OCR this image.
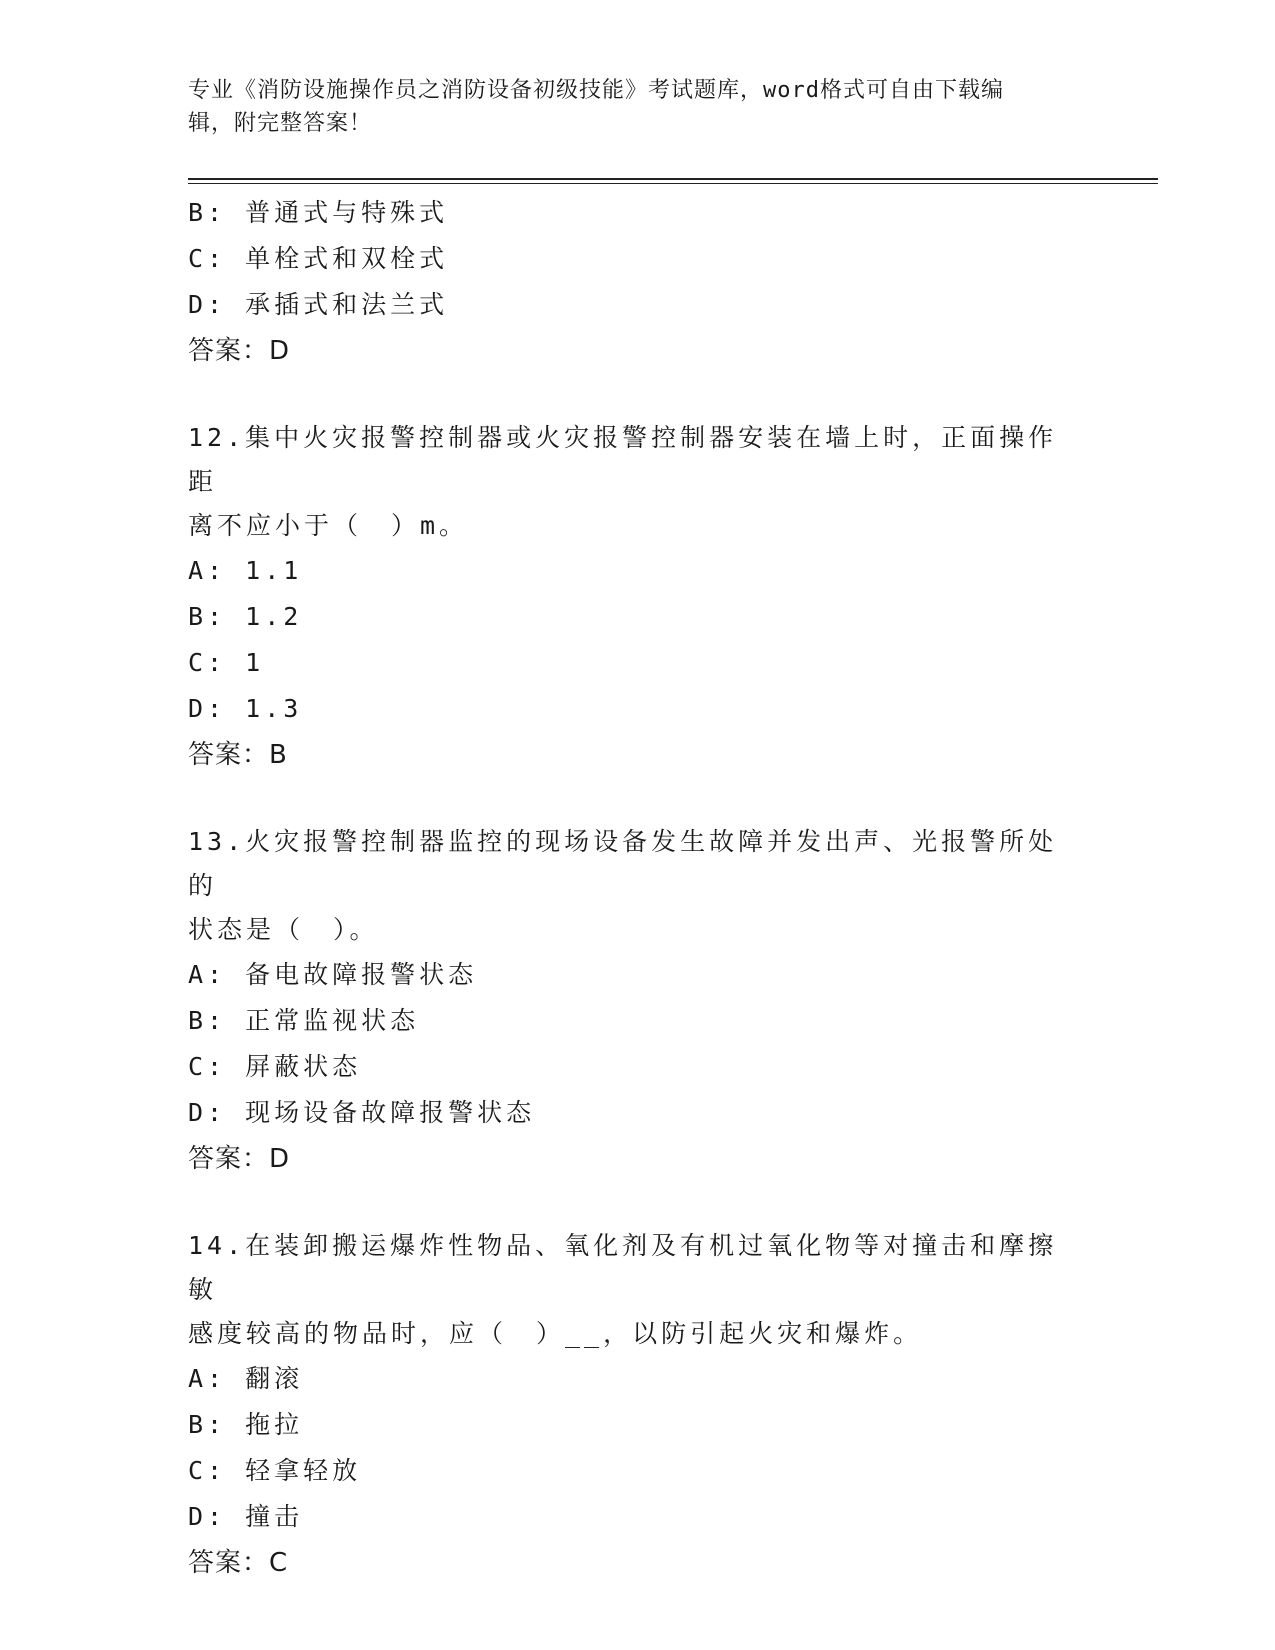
专业《消防设施操作员之消防设备初级技能》考试题库，word格式可自由下载编
辑，附完整答案！
B: 普通式与特殊式
C: 单栓式和双栓式
D: 承插式和法兰式
答案：D
12.集中火灾报警控制器或火灾报警控制器安装在墙上时，正面操作距
离不应小于（　）m。
A: 1.1
B: 1.2
C: 1
D: 1.3
答案：B
13.火灾报警控制器监控的现场设备发生故障并发出声、光报警所处的
状态是（　）。
A: 备电故障报警状态
B: 正常监视状态
C: 屏蔽状态
D: 现场设备故障报警状态
答案：D
14.在装卸搬运爆炸性物品、氧化剂及有机过氧化物等对撞击和摩擦敏
感度较高的物品时，应（　）__，以防引起火灾和爆炸。
A: 翻滚
B: 拖拉
C: 轻拿轻放
D: 撞击
答案：C
